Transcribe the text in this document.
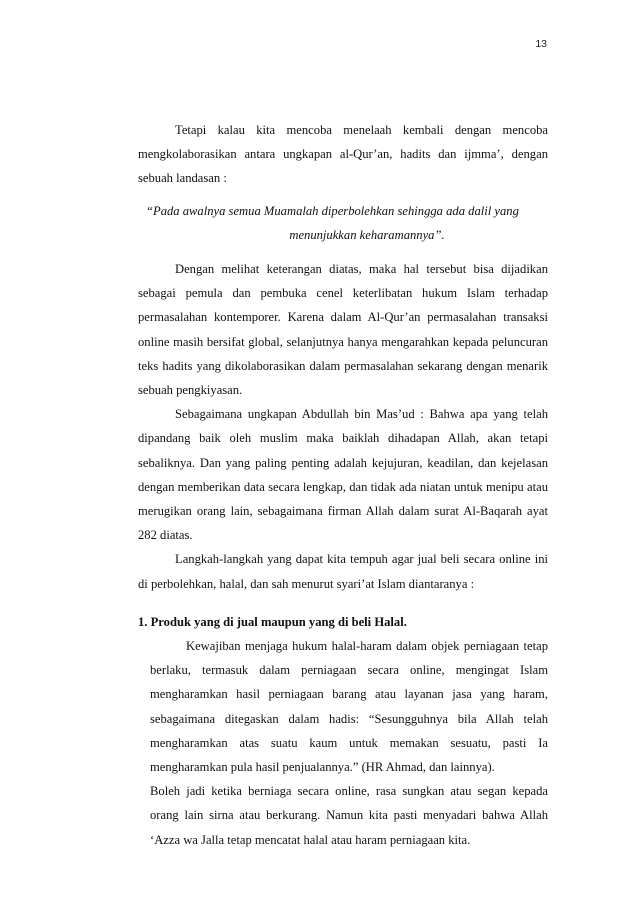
13

Tetapi kalau kita mencoba menelaah kembali dengan mencoba mengkolaborasikan antara ungkapan al-Qur’an, hadits dan ijmma’, dengan sebuah landasan :

“Pada awalnya semua Muamalah diperbolehkan sehingga ada dalil yang
menunjukkan keharamannya”.

Dengan melihat keterangan diatas, maka hal tersebut bisa dijadikan sebagai pemula dan pembuka cenel keterlibatan hukum Islam terhadap permasalahan kontemporer. Karena dalam Al-Qur’an permasalahan transaksi online masih bersifat global, selanjutnya hanya mengarahkan kepada peluncuran teks hadits yang dikolaborasikan dalam permasalahan sekarang dengan menarik sebuah pengkiyasan.

Sebagaimana ungkapan Abdullah bin Mas’ud : Bahwa apa yang telah dipandang baik oleh muslim maka baiklah dihadapan Allah, akan tetapi sebaliknya. Dan yang paling penting adalah kejujuran, keadilan, dan kejelasan dengan memberikan data secara lengkap, dan tidak ada niatan untuk menipu atau merugikan orang lain, sebagaimana firman Allah dalam surat Al-Baqarah ayat 282 diatas.

Langkah-langkah yang dapat kita tempuh agar jual beli secara online ini di perbolehkan, halal, dan sah menurut syari’at Islam diantaranya :

1. Produk yang di jual maupun yang di beli Halal.

Kewajiban menjaga hukum halal-haram dalam objek perniagaan tetap berlaku, termasuk dalam perniagaan secara online, mengingat Islam mengharamkan hasil perniagaan barang atau layanan jasa yang haram, sebagaimana ditegaskan dalam hadis: “Sesungguhnya bila Allah telah mengharamkan atas suatu kaum untuk memakan sesuatu, pasti Ia mengharamkan pula hasil penjualannya.” (HR Ahmad, dan lainnya).

Boleh jadi ketika berniaga secara online, rasa sungkan atau segan kepada orang lain sirna atau berkurang. Namun kita pasti menyadari bahwa Allah ‘Azza wa Jalla tetap mencatat halal atau haram perniagaan kita.
